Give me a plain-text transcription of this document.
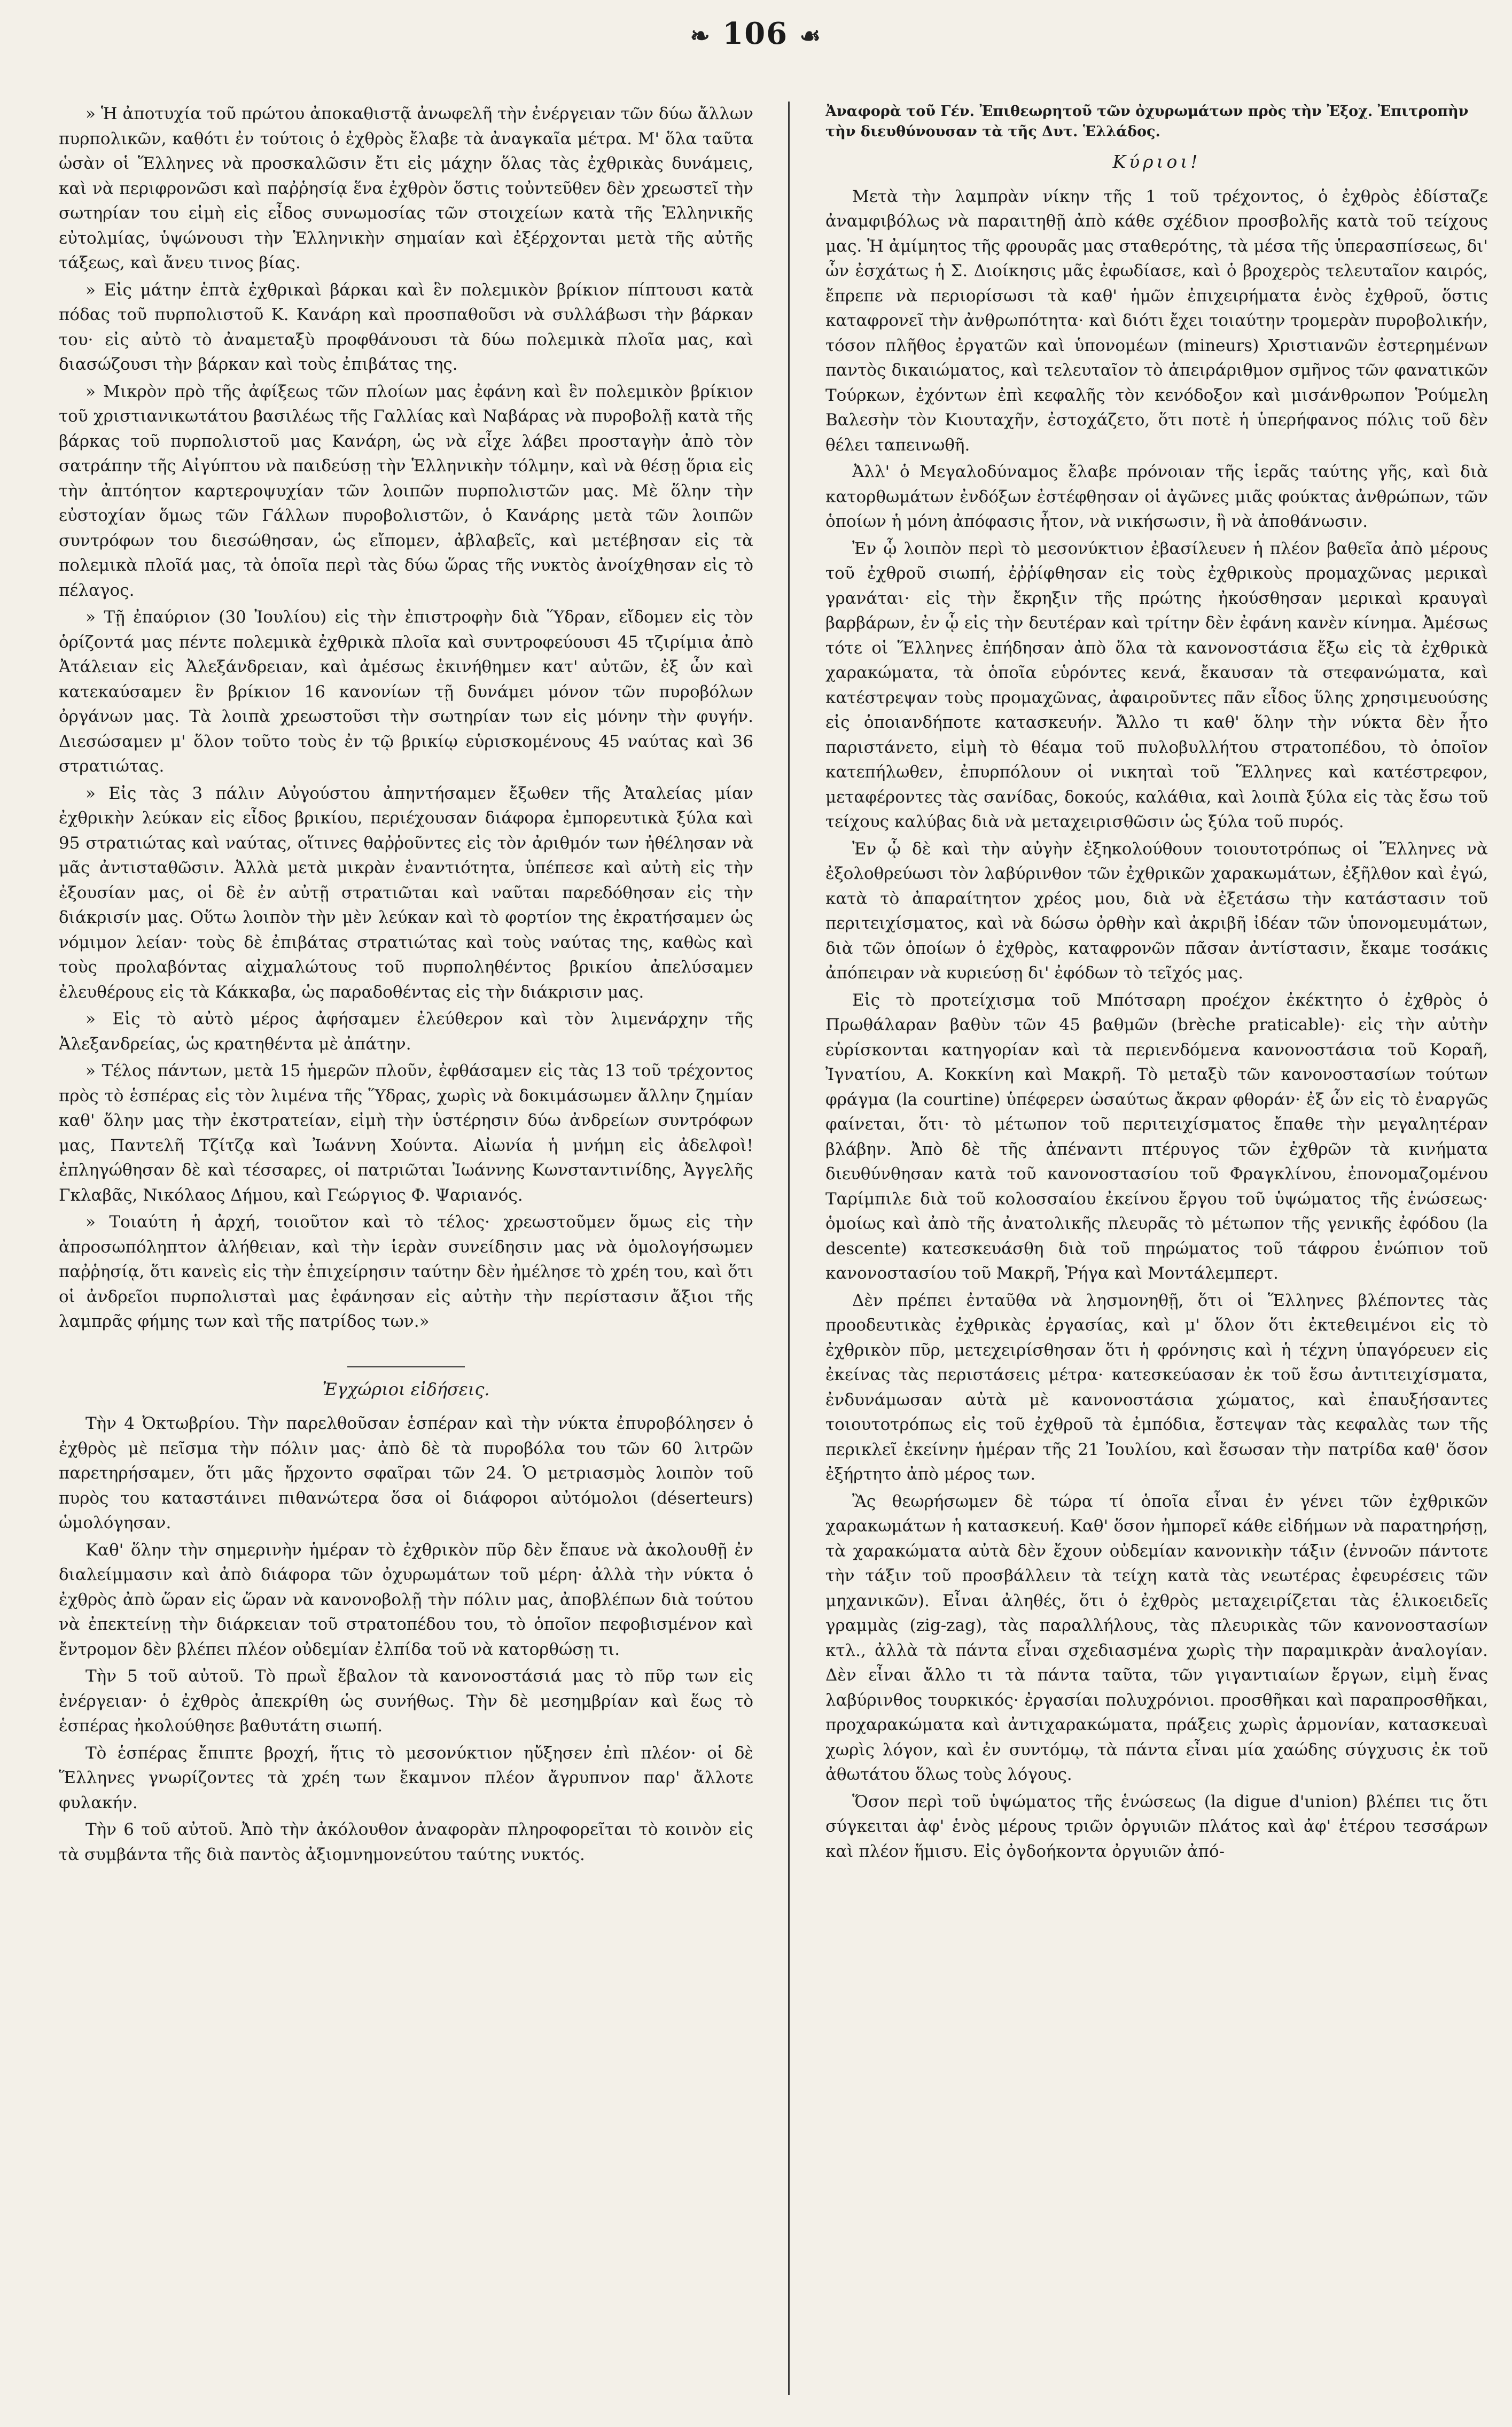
❧ 106 ☙

» Ἡ ἀποτυχία τοῦ πρώτου ἀποκαθιστᾷ ἀνωφελῆ τὴν ἐνέργειαν τῶν δύω ἄλλων πυρπολικῶν, καθότι ἐν τούτοις ὁ ἐχθρὸς ἔλαβε τὰ ἀναγκαῖα μέτρα. Μ' ὅλα ταῦτα ὡσὰν οἱ Ἕλληνες νὰ προσκαλῶσιν ἔτι εἰς μάχην ὅλας τὰς ἐχθρικὰς δυνάμεις, καὶ νὰ περιφρονῶσι καὶ παῤῥησίᾳ ἕνα ἐχθρὸν ὅστις τοὐντεῦθεν δὲν χρεωστεῖ τὴν σωτηρίαν του εἰμὴ εἰς εἶδος συνωμοσίας τῶν στοιχείων κατὰ τῆς Ἑλληνικῆς εὐτολμίας, ὑψώνουσι τὴν Ἑλληνικὴν σημαίαν καὶ ἐξέρχονται μετὰ τῆς αὐτῆς τάξεως, καὶ ἄνευ τινος βίας.

» Εἰς μάτην ἑπτὰ ἐχθρικαὶ βάρκαι καὶ ἓν πολεμικὸν βρίκιον πίπτουσι κατὰ πόδας τοῦ πυρπολιστοῦ Κ. Κανάρη καὶ προσπαθοῦσι νὰ συλλάβωσι τὴν βάρκαν του· εἰς αὐτὸ τὸ ἀναμεταξὺ προφθάνουσι τὰ δύω πολεμικὰ πλοῖα μας, καὶ διασώζουσι τὴν βάρκαν καὶ τοὺς ἐπιβάτας της.

» Μικρὸν πρὸ τῆς ἀφίξεως τῶν πλοίων μας ἐφάνη καὶ ἓν πολεμικὸν βρίκιον τοῦ χριστιανικωτάτου βασιλέως τῆς Γαλλίας καὶ Ναβάρας νὰ πυροβολῇ κατὰ τῆς βάρκας τοῦ πυρπολιστοῦ μας Κανάρη, ὡς νὰ εἶχε λάβει προσταγὴν ἀπὸ τὸν σατράπην τῆς Αἰγύπτου νὰ παιδεύσῃ τὴν Ἑλληνικὴν τόλμην, καὶ νὰ θέσῃ ὅρια εἰς τὴν ἀπτόητον καρτεροψυχίαν τῶν λοιπῶν πυρπολιστῶν μας. Μὲ ὅλην τὴν εὐστοχίαν ὅμως τῶν Γάλλων πυροβολιστῶν, ὁ Κανάρης μετὰ τῶν λοιπῶν συντρόφων του διεσώθησαν, ὡς εἴπομεν, ἀβλαβεῖς, καὶ μετέβησαν εἰς τὰ πολεμικὰ πλοῖά μας, τὰ ὁποῖα περὶ τὰς δύω ὥρας τῆς νυκτὸς ἀνοίχθησαν εἰς τὸ πέλαγος.

» Τῇ ἐπαύριον (30 Ἰουλίου) εἰς τὴν ἐπιστροφὴν διὰ Ὕδραν, εἴδομεν εἰς τὸν ὁρίζοντά μας πέντε πολεμικὰ ἐχθρικὰ πλοῖα καὶ συντροφεύουσι 45 τζιρίμια ἀπὸ Ἀτάλειαν εἰς Ἀλεξάνδρειαν, καὶ ἀμέσως ἐκινήθημεν κατ' αὐτῶν, ἐξ ὧν καὶ κατεκαύσαμεν ἓν βρίκιον 16 κανονίων τῇ δυνάμει μόνον τῶν πυροβόλων ὀργάνων μας. Τὰ λοιπὰ χρεωστοῦσι τὴν σωτηρίαν των εἰς μόνην τὴν φυγήν. Διεσώσαμεν μ' ὅλον τοῦτο τοὺς ἐν τῷ βρικίῳ εὑρισκομένους 45 ναύτας καὶ 36 στρατιώτας.

» Εἰς τὰς 3 πάλιν Αὐγούστου ἀπηντήσαμεν ἔξωθεν τῆς Ἀταλείας μίαν ἐχθρικὴν λεύκαν εἰς εἶδος βρικίου, περιέχουσαν διάφορα ἐμπορευτικὰ ξύλα καὶ 95 στρατιώτας καὶ ναύτας, οἵτινες θαῤῥοῦντες εἰς τὸν ἀριθμόν των ἠθέλησαν νὰ μᾶς ἀντισταθῶσιν. Ἀλλὰ μετὰ μικρὰν ἐναντιότητα, ὑπέπεσε καὶ αὐτὴ εἰς τὴν ἐξουσίαν μας, οἱ δὲ ἐν αὐτῇ στρατιῶται καὶ ναῦται παρεδόθησαν εἰς τὴν διάκρισίν μας. Οὕτω λοιπὸν τὴν μὲν λεύκαν καὶ τὸ φορτίον της ἐκρατήσαμεν ὡς νόμιμον λείαν· τοὺς δὲ ἐπιβάτας στρατιώτας καὶ τοὺς ναύτας της, καθὼς καὶ τοὺς προλαβόντας αἰχμαλώτους τοῦ πυρποληθέντος βρικίου ἀπελύσαμεν ἐλευθέρους εἰς τὰ Κάκκαβα, ὡς παραδοθέντας εἰς τὴν διάκρισιν μας.

» Εἰς τὸ αὐτὸ μέρος ἀφήσαμεν ἐλεύθερον καὶ τὸν λιμενάρχην τῆς Ἀλεξανδρείας, ὡς κρατηθέντα μὲ ἀπάτην.

» Τέλος πάντων, μετὰ 15 ἡμερῶν πλοῦν, ἐφθάσαμεν εἰς τὰς 13 τοῦ τρέχοντος πρὸς τὸ ἑσπέρας εἰς τὸν λιμένα τῆς Ὕδρας, χωρὶς νὰ δοκιμάσωμεν ἄλλην ζημίαν καθ' ὅλην μας τὴν ἐκστρατείαν, εἰμὴ τὴν ὑστέρησιν δύω ἀνδρείων συντρόφων μας, Παντελῆ Τζίτζᾳ καὶ Ἰωάννη Χούντα. Αἰωνία ἡ μνήμη εἰς ἀδελφοὶ! ἐπληγώθησαν δὲ καὶ τέσσαρες, οἱ πατριῶται Ἰωάννης Κωνσταντινίδης, Ἀγγελῆς Γκλαβᾶς, Νικόλαος Δήμου, καὶ Γεώργιος Φ. Ψαριανός.

» Τοιαύτη ἡ ἀρχή, τοιοῦτον καὶ τὸ τέλος· χρεωστοῦμεν ὅμως εἰς τὴν ἀπροσωπόληπτον ἀλήθειαν, καὶ τὴν ἱερὰν συνείδησιν μας νὰ ὁμολογήσωμεν παῤῥησίᾳ, ὅτι κανεὶς εἰς τὴν ἐπιχείρησιν ταύτην δὲν ἠμέλησε τὸ χρέη του, καὶ ὅτι οἱ ἀνδρεῖοι πυρπολισταὶ μας ἐφάνησαν εἰς αὐτὴν τὴν περίστασιν ἄξιοι τῆς λαμπρᾶς φήμης των καὶ τῆς πατρίδος των.»

Ἐγχώριοι εἰδήσεις.

Τὴν 4 Ὀκτωβρίου. Τὴν παρελθοῦσαν ἑσπέραν καὶ τὴν νύκτα ἐπυροβόλησεν ὁ ἐχθρὸς μὲ πεῖσμα τὴν πόλιν μας· ἀπὸ δὲ τὰ πυροβόλα του τῶν 60 λιτρῶν παρετηρήσαμεν, ὅτι μᾶς ἤρχοντο σφαῖραι τῶν 24. Ὁ μετριασμὸς λοιπὸν τοῦ πυρὸς του καταστάινει πιθανώτερα ὅσα οἱ διάφοροι αὐτόμολοι (déserteurs) ὡμολόγησαν.

Καθ' ὅλην τὴν σημερινὴν ἡμέραν τὸ ἐχθρικὸν πῦρ δὲν ἔπαυε νὰ ἀκολουθῇ ἐν διαλείμμασιν καὶ ἀπὸ διάφορα τῶν ὀχυρωμάτων τοῦ μέρη· ἀλλὰ τὴν νύκτα ὁ ἐχθρὸς ἀπὸ ὥραν εἰς ὥραν νὰ κανονοβολῇ τὴν πόλιν μας, ἀποβλέπων διὰ τούτου νὰ ἐπεκτείνῃ τὴν διάρκειαν τοῦ στρατοπέδου του, τὸ ὁποῖον πεφοβισμένον καὶ ἔντρομον δὲν βλέπει πλέον οὐδεμίαν ἐλπίδα τοῦ νὰ κατορθώσῃ τι.

Τὴν 5 τοῦ αὐτοῦ. Τὸ πρωῒ ἔβαλον τὰ κανονοστάσιά μας τὸ πῦρ των εἰς ἐνέργειαν· ὁ ἐχθρὸς ἀπεκρίθη ὡς συνήθως. Τὴν δὲ μεσημβρίαν καὶ ἕως τὸ ἑσπέρας ἠκολούθησε βαθυτάτη σιωπή.

Τὸ ἑσπέρας ἔπιπτε βροχή, ἥτις τὸ μεσονύκτιον ηὔξησεν ἐπὶ πλέον· οἱ δὲ Ἕλληνες γνωρίζοντες τὰ χρέη των ἔκαμνον πλέον ἄγρυπνον παρ' ἄλλοτε φυλακήν.

Τὴν 6 τοῦ αὐτοῦ. Ἀπὸ τὴν ἀκόλουθον ἀναφορὰν πληροφορεῖται τὸ κοινὸν εἰς τὰ συμβάντα τῆς διὰ παντὸς ἀξιομνημονεύτου ταύτης νυκτός.

Ἀναφορὰ τοῦ Γέν. Ἐπιθεωρητοῦ τῶν ὀχυρωμάτων πρὸς τὴν Ἐξοχ. Ἐπιτροπὴν τὴν διευθύνουσαν τὰ τῆς Δυτ. Ἑλλάδος.
Κύριοι!

Μετὰ τὴν λαμπρὰν νίκην τῆς 1 τοῦ τρέχοντος, ὁ ἐχθρὸς ἐδίσταζε ἀναμφιβόλως νὰ παραιτηθῇ ἀπὸ κάθε σχέδιον προσβολῆς κατὰ τοῦ τείχους μας. Ἡ ἀμίμητος τῆς φρουρᾶς μας σταθερότης, τὰ μέσα τῆς ὑπερασπίσεως, δι' ὧν ἐσχάτως ἡ Σ. Διοίκησις μᾶς ἐφωδίασε, καὶ ὁ βροχερὸς τελευταῖον καιρός, ἔπρεπε νὰ περιορίσωσι τὰ καθ' ἡμῶν ἐπιχειρήματα ἑνὸς ἐχθροῦ, ὅστις καταφρονεῖ τὴν ἀνθρωπότητα· καὶ διότι ἔχει τοιαύτην τρομερὰν πυροβολικήν, τόσον πλῆθος ἐργατῶν καὶ ὑπονομέων (mineurs) Χριστιανῶν ἐστερημένων παντὸς δικαιώματος, καὶ τελευταῖον τὸ ἀπειράριθμον σμῆνος τῶν φανατικῶν Τούρκων, ἐχόντων ἐπὶ κεφαλῆς τὸν κενόδοξον καὶ μισάνθρωπον Ῥούμελη Βαλεσὴν τὸν Κιουταχῆν, ἐστοχάζετο, ὅτι ποτὲ ἡ ὑπερήφανος πόλις τοῦ δὲν θέλει ταπεινωθῆ.

Ἀλλ' ὁ Μεγαλοδύναμος ἔλαβε πρόνοιαν τῆς ἱερᾶς ταύτης γῆς, καὶ διὰ κατορθωμάτων ἐνδόξων ἐστέφθησαν οἱ ἀγῶνες μιᾶς φούκτας ἀνθρώπων, τῶν ὁποίων ἡ μόνη ἀπόφασις ἦτον, νὰ νικήσωσιν, ἢ νὰ ἀποθάνωσιν.

Ἐν ᾧ λοιπὸν περὶ τὸ μεσονύκτιον ἐβασίλευεν ἡ πλέον βαθεῖα ἀπὸ μέρους τοῦ ἐχθροῦ σιωπή, ἐῤῥίφθησαν εἰς τοὺς ἐχθρικοὺς προμαχῶνας μερικαὶ γρανάται· εἰς τὴν ἔκρηξιν τῆς πρώτης ἠκούσθησαν μερικαὶ κραυγαὶ βαρβάρων, ἐν ᾧ εἰς τὴν δευτέραν καὶ τρίτην δὲν ἐφάνη κανὲν κίνημα. Ἀμέσως τότε οἱ Ἕλληνες ἐπήδησαν ἀπὸ ὅλα τὰ κανονοστάσια ἔξω εἰς τὰ ἐχθρικὰ χαρακώματα, τὰ ὁποῖα εὑρόντες κενά, ἔκαυσαν τὰ στεφανώματα, καὶ κατέστρεψαν τοὺς προμαχῶνας, ἀφαιροῦντες πᾶν εἶδος ὕλης χρησιμευούσης εἰς ὁποιανδήποτε κατασκευήν. Ἄλλο τι καθ' ὅλην τὴν νύκτα δὲν ἦτο παριστάνετο, εἰμὴ τὸ θέαμα τοῦ πυλοβυλλήτου στρατοπέδου, τὸ ὁποῖον κατεπήλωθεν, ἐπυρπόλουν οἱ νικηταὶ τοῦ Ἕλληνες καὶ κατέστρεφον, μεταφέροντες τὰς σανίδας, δοκούς, καλάθια, καὶ λοιπὰ ξύλα εἰς τὰς ἔσω τοῦ τείχους καλύβας διὰ νὰ μεταχειρισθῶσιν ὡς ξύλα τοῦ πυρός.

Ἐν ᾧ δὲ καὶ τὴν αὐγὴν ἐξηκολούθουν τοιουτοτρόπως οἱ Ἕλληνες νὰ ἐξολοθρεύωσι τὸν λαβύρινθον τῶν ἐχθρικῶν χαρακωμάτων, ἐξῆλθον καὶ ἐγώ, κατὰ τὸ ἀπαραίτητον χρέος μου, διὰ νὰ ἐξετάσω τὴν κατάστασιν τοῦ περιτειχίσματος, καὶ νὰ δώσω ὀρθὴν καὶ ἀκριβῆ ἰδέαν τῶν ὑπονομευμάτων, διὰ τῶν ὁποίων ὁ ἐχθρὸς, καταφρονῶν πᾶσαν ἀντίστασιν, ἔκαμε τοσάκις ἀπόπειραν νὰ κυριεύσῃ δι' ἐφόδων τὸ τεῖχός μας.

Εἰς τὸ προτείχισμα τοῦ Μπότσαρη προέχον ἐκέκτητο ὁ ἐχθρὸς ὁ Πρωθάλαραν βαθὺν τῶν 45 βαθμῶν (brèche praticable)· εἰς τὴν αὐτὴν εὑρίσκονται κατηγορίαν καὶ τὰ περιενδόμενα κανονοστάσια τοῦ Κοραῆ, Ἰγνατίου, Α. Κοκκίνη καὶ Μακρῆ. Τὸ μεταξὺ τῶν κανονοστασίων τούτων φράγμα (la courtine) ὑπέφερεν ὡσαύτως ἄκραν φθοράν· ἐξ ὧν εἰς τὸ ἐναργῶς φαίνεται, ὅτι· τὸ μέτωπον τοῦ περιτειχίσματος ἔπαθε τὴν μεγαλητέραν βλάβην. Ἀπὸ δὲ τῆς ἀπέναντι πτέρυγος τῶν ἐχθρῶν τὰ κινήματα διευθύνθησαν κατὰ τοῦ κανονοστασίου τοῦ Φραγκλίνου, ἐπονομαζομένου Ταρίμπιλε διὰ τοῦ κολοσσαίου ἐκείνου ἔργου τοῦ ὑψώματος τῆς ἑνώσεως· ὁμοίως καὶ ἀπὸ τῆς ἀνατολικῆς πλευρᾶς τὸ μέτωπον τῆς γενικῆς ἐφόδου (la descente) κατεσκευάσθη διὰ τοῦ πηρώματος τοῦ τάφρου ἐνώπιον τοῦ κανονοστασίου τοῦ Μακρῆ, Ῥήγα καὶ Μοντάλεμπερτ.

Δὲν πρέπει ἐνταῦθα νὰ λησμονηθῇ, ὅτι οἱ Ἕλληνες βλέποντες τὰς προοδευτικὰς ἐχθρικὰς ἐργασίας, καὶ μ' ὅλον ὅτι ἐκτεθειμένοι εἰς τὸ ἐχθρικὸν πῦρ, μετεχειρίσθησαν ὅτι ἡ φρόνησις καὶ ἡ τέχνη ὑπαγόρευεν εἰς ἐκείνας τὰς περιστάσεις μέτρα· κατεσκεύασαν ἐκ τοῦ ἔσω ἀντιτειχίσματα, ἐνδυνάμωσαν αὐτὰ μὲ κανονοστάσια χώματος, καὶ ἐπαυξήσαντες τοιουτοτρόπως εἰς τοῦ ἐχθροῦ τὰ ἐμπόδια, ἔστεψαν τὰς κεφαλὰς των τῆς περικλεῖ ἐκείνην ἡμέραν τῆς 21 Ἰουλίου, καὶ ἔσωσαν τὴν πατρίδα καθ' ὅσον ἐξήρτητο ἀπὸ μέρος των.

Ἂς θεωρήσωμεν δὲ τώρα τί ὁποῖα εἶναι ἐν γένει τῶν ἐχθρικῶν χαρακωμάτων ἡ κατασκευή. Καθ' ὅσον ἠμπορεῖ κάθε εἰδήμων νὰ παρατηρήσῃ, τὰ χαρακώματα αὐτὰ δὲν ἔχουν οὐδεμίαν κανονικὴν τάξιν (ἐννοῶν πάντοτε τὴν τάξιν τοῦ προσβάλλειν τὰ τείχη κατὰ τὰς νεωτέρας ἐφευρέσεις τῶν μηχανικῶν). Εἶναι ἀληθές, ὅτι ὁ ἐχθρὸς μεταχειρίζεται τὰς ἑλικοειδεῖς γραμμὰς (zig-zag), τὰς παραλλήλους, τὰς πλευρικὰς τῶν κανονοστασίων κτλ., ἀλλὰ τὰ πάντα εἶναι σχεδιασμένα χωρὶς τὴν παραμικρὰν ἀναλογίαν. Δὲν εἶναι ἄλλο τι τὰ πάντα ταῦτα, τῶν γιγαντιαίων ἔργων, εἰμὴ ἕνας λαβύρινθος τουρκικός· ἐργασίαι πολυχρόνιοι. προσθῆκαι καὶ παραπροσθῆκαι, προχαρακώματα καὶ ἀντιχαρακώματα, πράξεις χωρὶς ἁρμονίαν, κατασκευαὶ χωρὶς λόγον, καὶ ἐν συντόμῳ, τὰ πάντα εἶναι μία χαώδης σύγχυσις ἐκ τοῦ ἀθωτάτου ὅλως τοὺς λόγους.

Ὅσον περὶ τοῦ ὑψώματος τῆς ἑνώσεως (la digue d'union) βλέπει τις ὅτι σύγκειται ἀφ' ἑνὸς μέρους τριῶν ὀργυιῶν πλάτος καὶ ἀφ' ἑτέρου τεσσάρων καὶ πλέον ἥμισυ. Εἰς ὀγδοήκοντα ὀργυιῶν ἀπό-
